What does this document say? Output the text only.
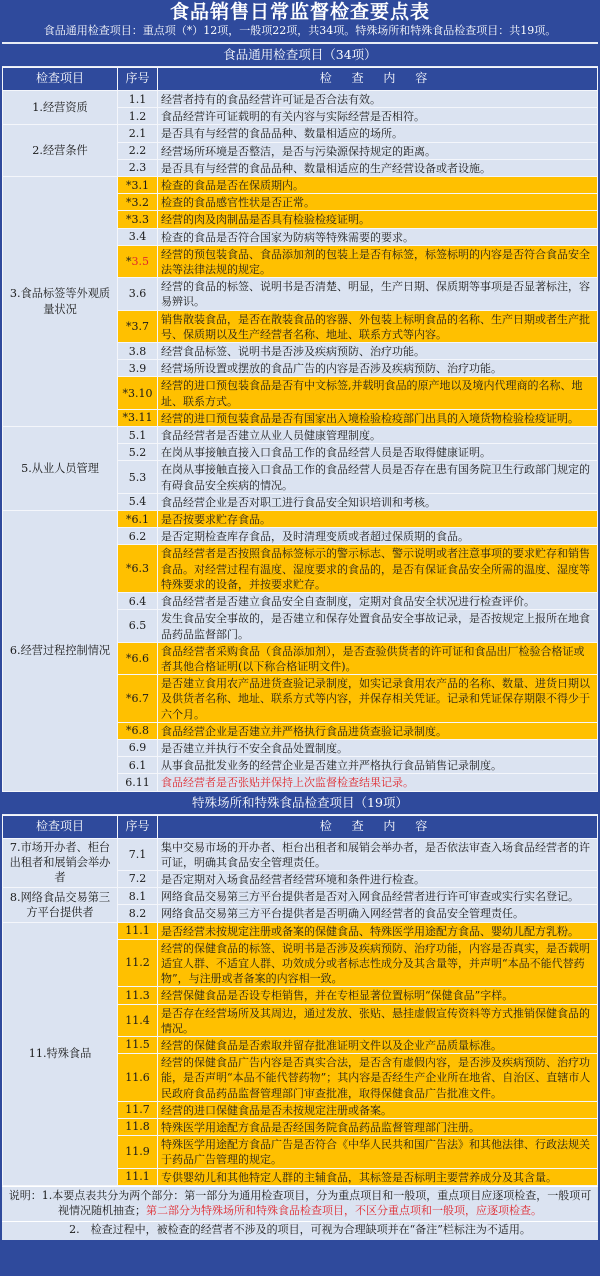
食品销售日常监督检查要点表
食品通用检查项目：重点项（*）12项，一般项22项，共34项。特殊场所和特殊食品检查项目：共19项。
食品通用检查项目（34项）
检查项目	序号	检 查 内 容
1.经营资质	1.1	经营者持有的食品经营许可证是否合法有效。
	1.2	食品经营许可证载明的有关内容与实际经营是否相符。
2.经营条件	2.1	是否具有与经营的食品品种、数量相适应的场所。
	2.2	经营场所环境是否整洁，是否与污染源保持规定的距离。
	2.3	是否具有与经营的食品品种、数量相适应的生产经营设备或者设施。
3.食品标签等外观质量状况	*3.1	检查的食品是否在保质期内。
	*3.2	检查的食品感官性状是否正常。
	*3.3	经营的肉及肉制品是否具有检验检疫证明。
	3.4	检查的食品是否符合国家为防病等特殊需要的要求。
	*3.5	经营的预包装食品、食品添加剂的包装上是否有标签，标签标明的内容是否符合食品安全法等法律法规的规定。
	3.6	经营的食品的标签、说明书是否清楚、明显，生产日期、保质期等事项是否显著标注，容易辨识。
	*3.7	销售散装食品，是否在散装食品的容器、外包装上标明食品的名称、生产日期或者生产批号、保质期以及生产经营者名称、地址、联系方式等内容。
	3.8	经营食品标签、说明书是否涉及疾病预防、治疗功能。
	3.9	经营场所设置或摆放的食品广告的内容是否涉及疾病预防、治疗功能。
	*3.10	经营的进口预包装食品是否有中文标签,并载明食品的原产地以及境内代理商的名称、地址、联系方式。
	*3.11	经营的进口预包装食品是否有国家出入境检验检疫部门出具的入境货物检验检疫证明。
5.从业人员管理	5.1	食品经营者是否建立从业人员健康管理制度。
	5.2	在岗从事接触直接入口食品工作的食品经营人员是否取得健康证明。
	5.3	在岗从事接触直接入口食品工作的食品经营人员是否存在患有国务院卫生行政部门规定的有碍食品安全疾病的情况。
	5.4	食品经营企业是否对职工进行食品安全知识培训和考核。
6.经营过程控制情况	*6.1	是否按要求贮存食品。
	6.2	是否定期检查库存食品，及时清理变质或者超过保质期的食品。
	*6.3	食品经营者是否按照食品标签标示的警示标志、警示说明或者注意事项的要求贮存和销售食品。对经营过程有温度、湿度要求的食品的，是否有保证食品安全所需的温度、湿度等特殊要求的设备，并按要求贮存。
	6.4	食品经营者是否建立食品安全自查制度，定期对食品安全状况进行检查评价。
	6.5	发生食品安全事故的，是否建立和保存处置食品安全事故记录，是否按规定上报所在地食品药品监督部门。
	*6.6	食品经营者采购食品（食品添加剂），是否查验供货者的许可证和食品出厂检验合格证或者其他合格证明(以下称合格证明文件)。
	*6.7	是否建立食用农产品进货查验记录制度，如实记录食用农产品的名称、数量、进货日期以及供货者名称、地址、联系方式等内容，并保存相关凭证。记录和凭证保存期限不得少于六个月。
	*6.8	食品经营企业是否建立并严格执行食品进货查验记录制度。
	6.9	是否建立并执行不安全食品处置制度。
	6.1	从事食品批发业务的经营企业是否建立并严格执行食品销售记录制度。
	6.11	食品经营者是否张贴并保持上次监督检查结果记录。
特殊场所和特殊食品检查项目（19项）
检查项目	序号	检 查 内 容
7.市场开办者、柜台出租者和展销会举办者	7.1	集中交易市场的开办者、柜台出租者和展销会举办者，是否依法审查入场食品经营者的许可证，明确其食品安全管理责任。
	7.2	是否定期对入场食品经营者经营环境和条件进行检查。
8.网络食品交易第三方平台提供者	8.1	网络食品交易第三方平台提供者是否对入网食品经营者进行许可审查或实行实名登记。
	8.2	网络食品交易第三方平台提供者是否明确入网经营者的食品安全管理责任。
11.特殊食品	11.1	是否经营未按规定注册或备案的保健食品、特殊医学用途配方食品、婴幼儿配方乳粉。
	11.2	经营的保健食品的标签、说明书是否涉及疾病预防、治疗功能，内容是否真实，是否载明适宜人群、不适宜人群、功效成分或者标志性成分及其含量等，并声明“本品不能代替药物”，与注册或者备案的内容相一致。
	11.3	经营保健食品是否设专柜销售，并在专柜显著位置标明“保健食品”字样。
	11.4	是否存在经营场所及其周边，通过发放、张贴、悬挂虚假宣传资料等方式推销保健食品的情况。
	11.5	经营的保健食品是否索取并留存批准证明文件以及企业产品质量标准。
	11.6	经营的保健食品广告内容是否真实合法，是否含有虚假内容，是否涉及疾病预防、治疗功能，是否声明“本品不能代替药物”；其内容是否经生产企业所在地省、自治区、直辖市人民政府食品药品监督管理部门审查批准，取得保健食品广告批准文件。
	11.7	经营的进口保健食品是否未按规定注册或备案。
	11.8	特殊医学用途配方食品是否经国务院食品药品监督管理部门注册。
	11.9	特殊医学用途配方食品广告是否符合《中华人民共和国广告法》和其他法律、行政法规关于药品广告管理的规定。
	11.1	专供婴幼儿和其他特定人群的主辅食品，其标签是否标明主要营养成分及其含量。
说明：1.本要点表共分为两个部分：第一部分为通用检查项目，分为重点项目和一般项，重点项目应逐项检查，一般项可视情况随机抽查；第二部分为特殊场所和特殊食品检查项目，不区分重点项和一般项，应逐项检查。
2.　检查过程中，被检查的经营者不涉及的项目，可视为合理缺项并在“备注”栏标注为不适用。
